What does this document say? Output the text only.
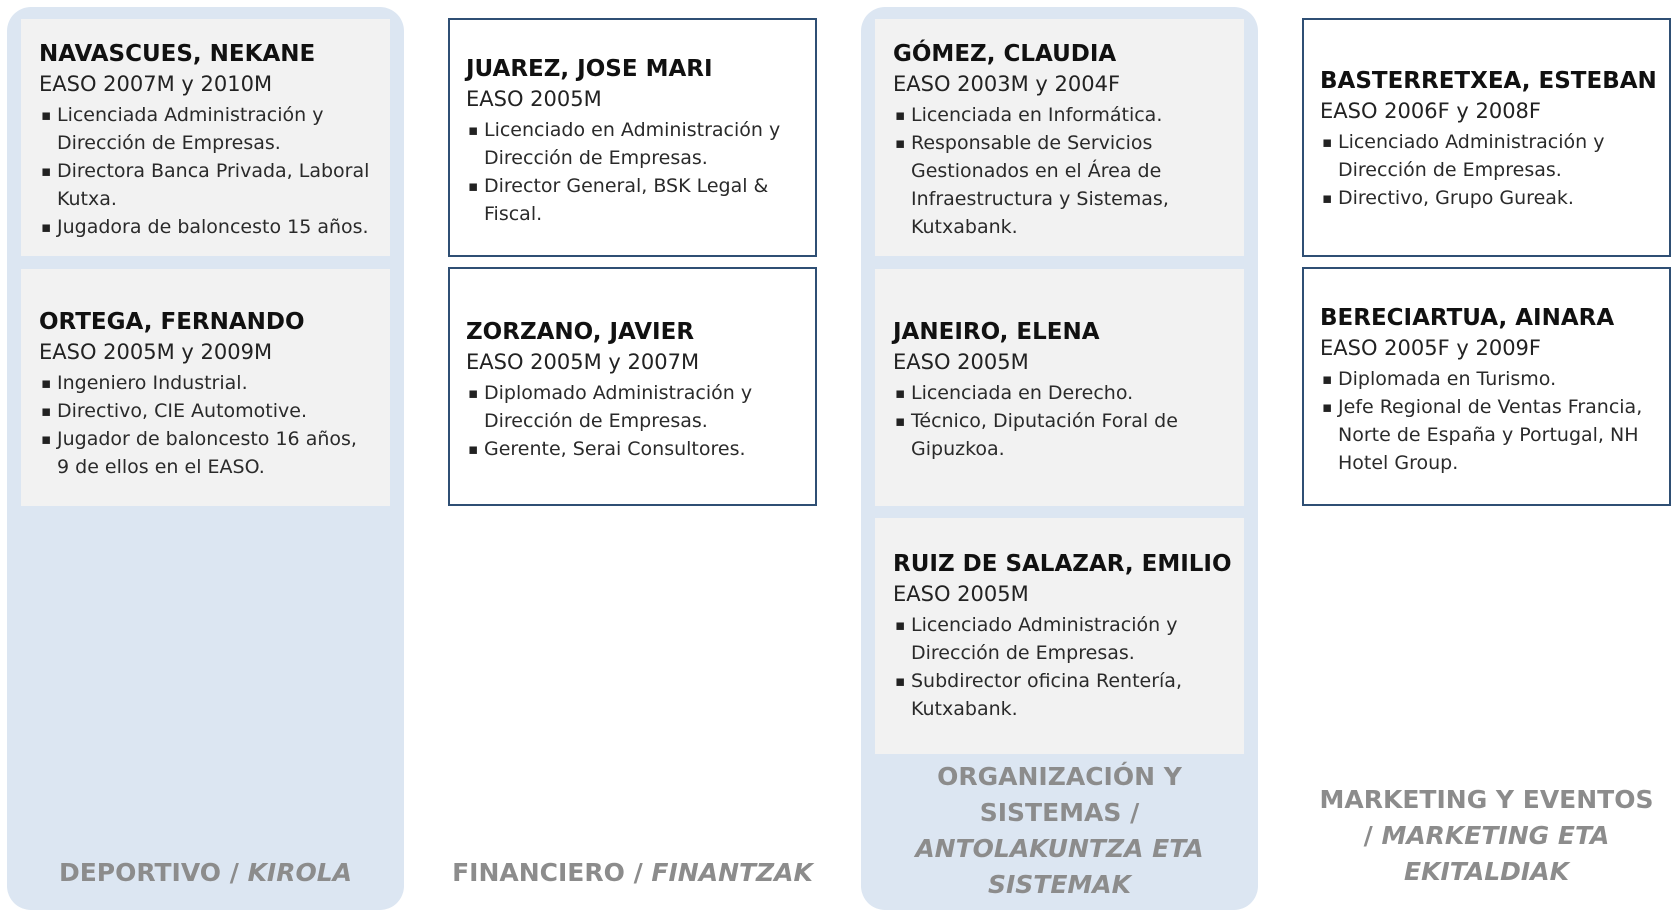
NAVASCUES, NEKANE
EASO 2007M y 2010M
▪ Licenciada Administración y Dirección de Empresas.
▪ Directora Banca Privada, Laboral Kutxa.
▪ Jugadora de baloncesto 15 años.
ORTEGA, FERNANDO
EASO 2005M y 2009M
▪ Ingeniero Industrial.
▪ Directivo, CIE Automotive.
▪ Jugador de baloncesto 16 años, 9 de ellos en el EASO.
DEPORTIVO / KIROLA
JUAREZ, JOSE MARI
EASO 2005M
▪ Licenciado en Administración y Dirección de Empresas.
▪ Director General, BSK Legal & Fiscal.
ZORZANO, JAVIER
EASO 2005M y 2007M
▪ Diplomado Administración y Dirección de Empresas.
▪ Gerente, Serai Consultores.
FINANCIERO / FINANTZAK
GÓMEZ, CLAUDIA
EASO 2003M y 2004F
▪ Licenciada en Informática.
▪ Responsable de Servicios Gestionados en el Área de Infraestructura y Sistemas, Kutxabank.
JANEIRO, ELENA
EASO 2005M
▪ Licenciada en Derecho.
▪ Técnico, Diputación Foral de Gipuzkoa.
RUIZ DE SALAZAR, EMILIO
EASO 2005M
▪ Licenciado Administración y Dirección de Empresas.
▪ Subdirector oficina Rentería, Kutxabank.
ORGANIZACIÓN Y SISTEMAS / ANTOLAKUNTZA ETA SISTEMAK
BASTERRETXEA, ESTEBAN
EASO 2006F y 2008F
▪ Licenciado Administración y Dirección de Empresas.
▪ Directivo, Grupo Gureak.
BERECIARTUA, AINARA
EASO 2005F y 2009F
▪ Diplomada en Turismo.
▪ Jefe Regional de Ventas Francia, Norte de España y Portugal, NH Hotel Group.
MARKETING Y EVENTOS / MARKETING ETA EKITALDIAK
